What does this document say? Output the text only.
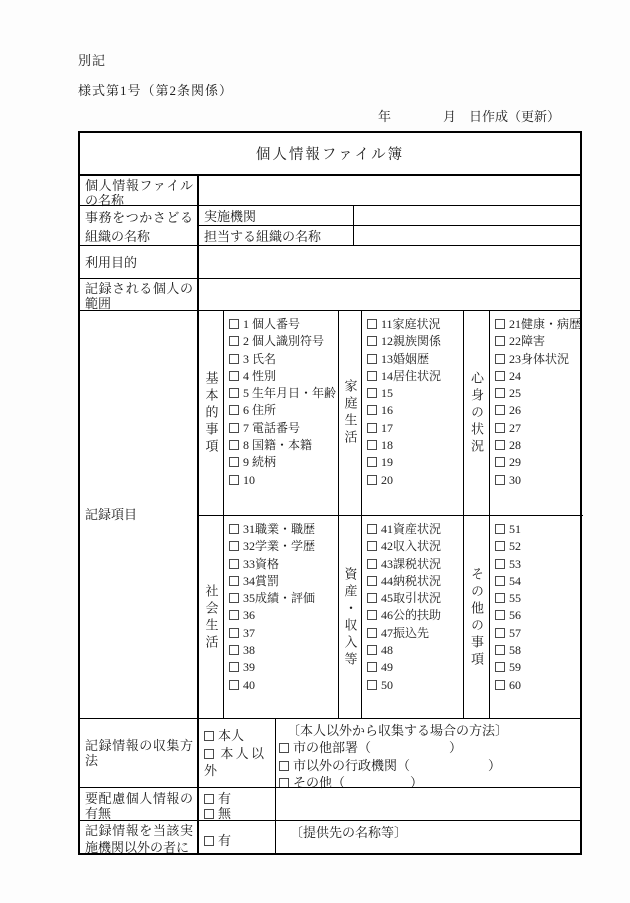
別記
様式第1号（第2条関係）
年　　　　月　日作成（更新）
個人情報ファイル簿
個人情報ファイルの名称
事務をつかさどる組織の名称
実施機関
担当する組織の名称
利用目的
記録される個人の範囲
記録項目
基本的事項
1 個人番号
2 個人識別符号
3 氏名
4 性別
5 生年月日・年齢
6 住所
7 電話番号
8 国籍・本籍
9 続柄
10
家庭生活
11家庭状況
12親族関係
13婚姻歴
14居住状況
15
16
17
18
19
20
心身の状況
21健康・病歴
22障害
23身体状況
24
25
26
27
28
29
30
社会生活
31職業・職歴
32学業・学歴
33資格
34賞罰
35成績・評価
36
37
38
39
40
資産・収入等
41資産状況
42収入状況
43課税状況
44納税状況
45取引状況
46公的扶助
47振込先
48
49
50
その他の事項
51
52
53
54
55
56
57
58
59
60
記録情報の収集方法
本人
本人以外
〔本人以外から収集する場合の方法〕
市の他部署（　　　　　　）
市以外の行政機関（　　　　　　）
その他（　　　　　）
要配慮個人情報の有無
有
無
記録情報を当該実施機関以外の者に	有
〔提供先の名称等〕
